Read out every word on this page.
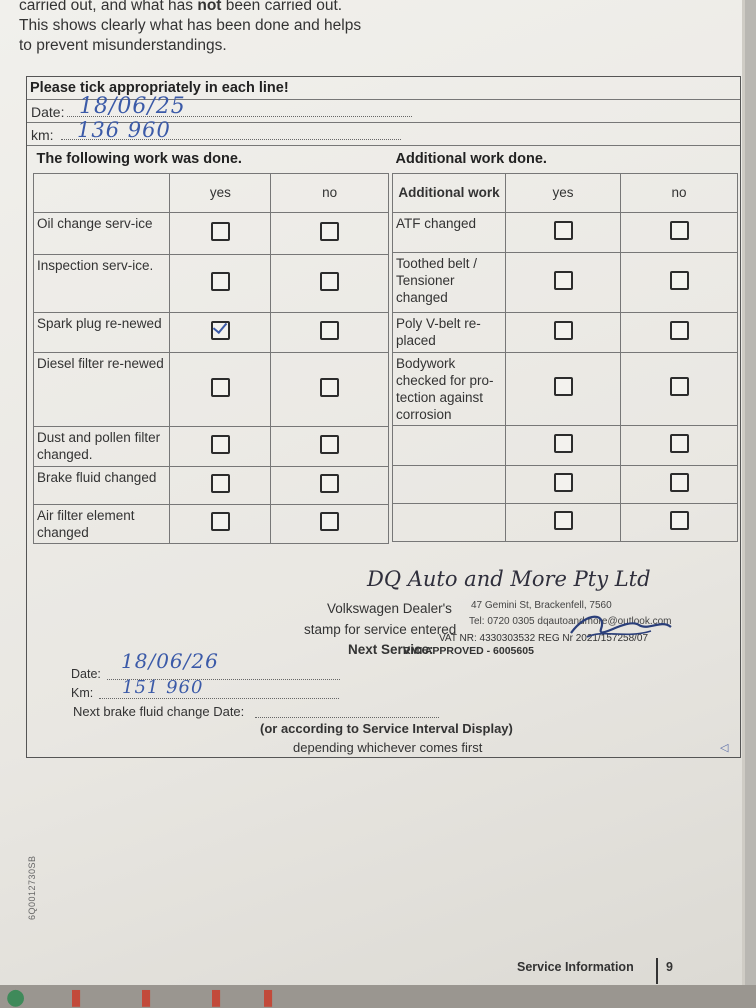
carried out, and what has not been carried out.
This shows clearly what has been done and helps
to prevent misunderstandings.
Please tick appropriately in each line!
Date: 18/06/25
km: 136 960
The following work was done.		
	yes	no
Oil change serv-ice		
Inspection serv-ice.		
Spark plug re-newed		
Diesel filter re-newed		
Dust and pollen filter changed.		
Brake fluid changed		
Air filter element changed		
Additional work done.		
Additional work	yes	no
ATF changed		
Toothed belt / Tensioner changed		
Poly V-belt re-placed		
Bodywork checked for pro-tection against corrosion		

DQ Auto and More Pty Ltd
47 Gemini St, Brackenfell, 7560
Tel: 0720 0305 dqautoandmore@outlook.com
VAT NR: 4330303532 REG Nr 2021/157258/07
RMI APPROVED - 6005605
Volkswagen Dealer's
stamp for service entered
Next Service:
Date:
18/06/26
Km: 151 960
Next brake fluid change Date:
(or according to Service Interval Display)
depending whichever comes first	◁
6Q0012730SB
Service Information	9
● ▮	▮	▮ ▮
